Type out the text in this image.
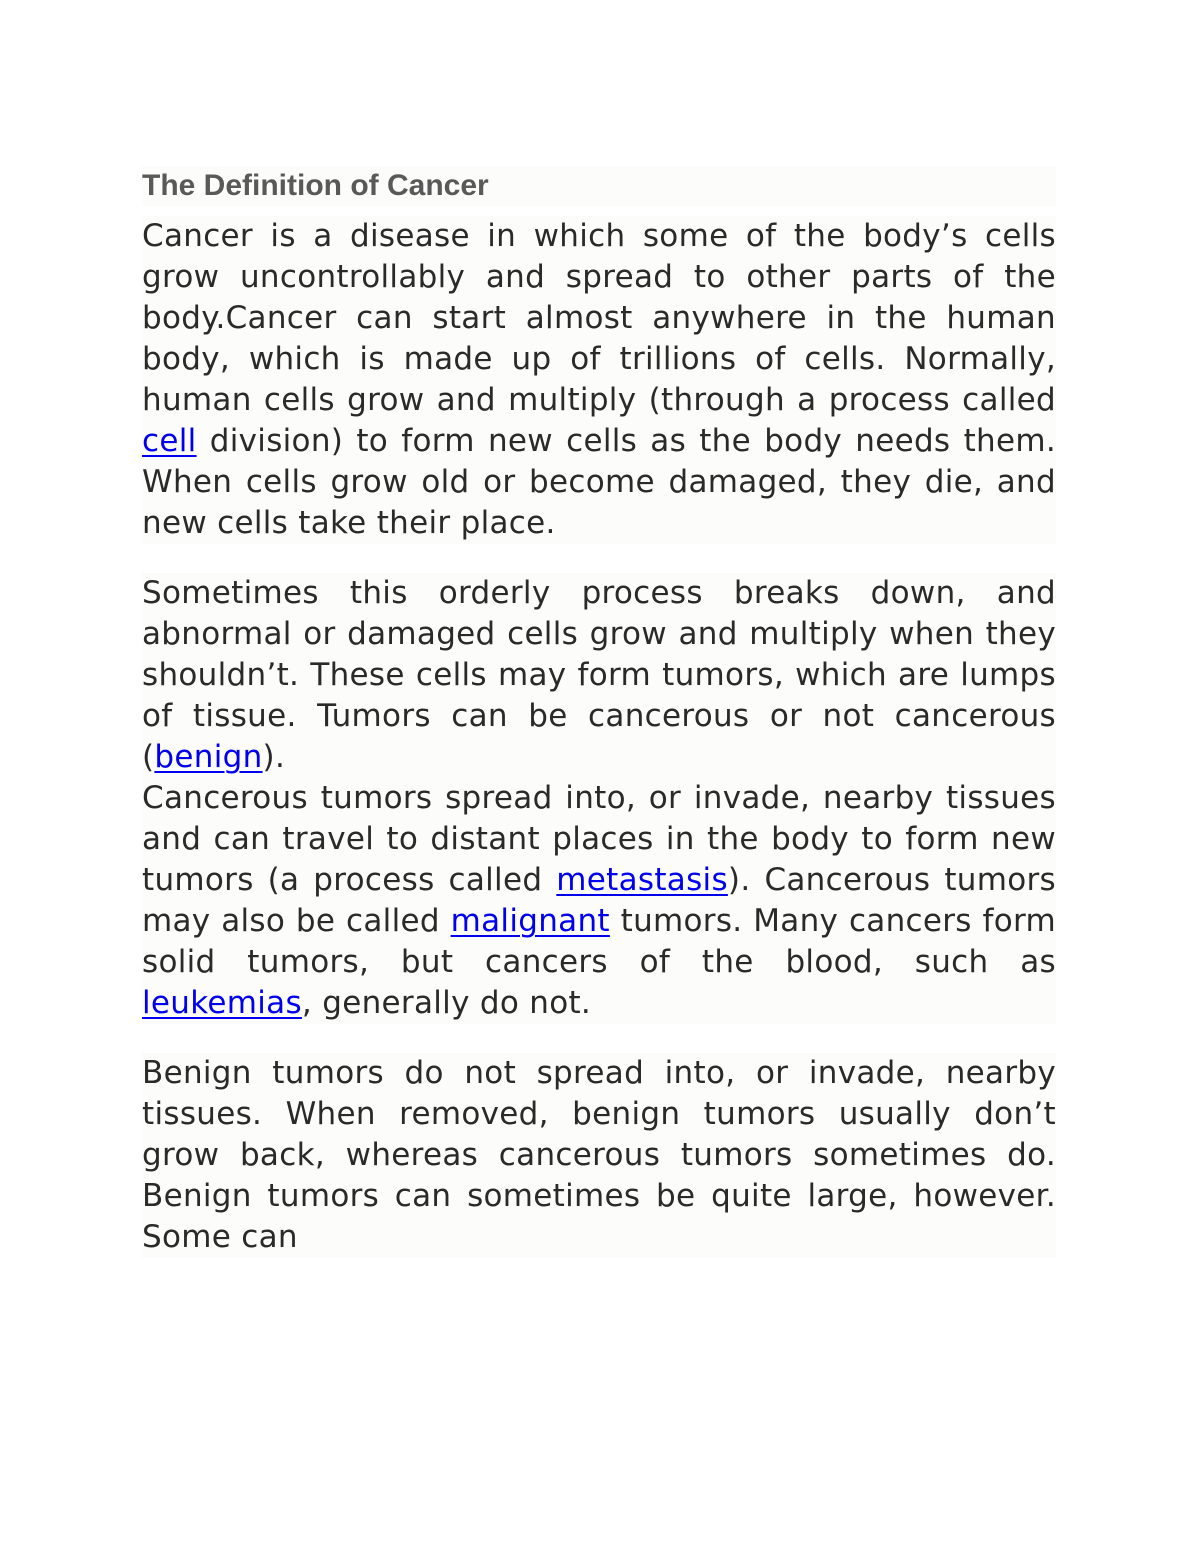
The Definition of Cancer

Cancer is a disease in which some of the body’s cells grow uncontrollably and spread to other parts of the body.Cancer can start almost anywhere in the human body, which is made up of trillions of cells. Normally, human cells grow and multiply (through a process called cell division) to form new cells as the body needs them. When cells grow old or become damaged, they die, and new cells take their place.

Sometimes this orderly process breaks down, and abnormal or damaged cells grow and multiply when they shouldn’t. These cells may form tumors, which are lumps of tissue. Tumors can be cancerous or not cancerous (benign).

Cancerous tumors spread into, or invade, nearby tissues and can travel to distant places in the body to form new tumors (a process called metastasis). Cancerous tumors may also be called malignant tumors. Many cancers form solid tumors, but cancers of the blood, such as leukemias, generally do not.

Benign tumors do not spread into, or invade, nearby tissues. When removed, benign tumors usually don’t grow back, whereas cancerous tumors sometimes do. Benign tumors can sometimes be quite large, however. Some can
